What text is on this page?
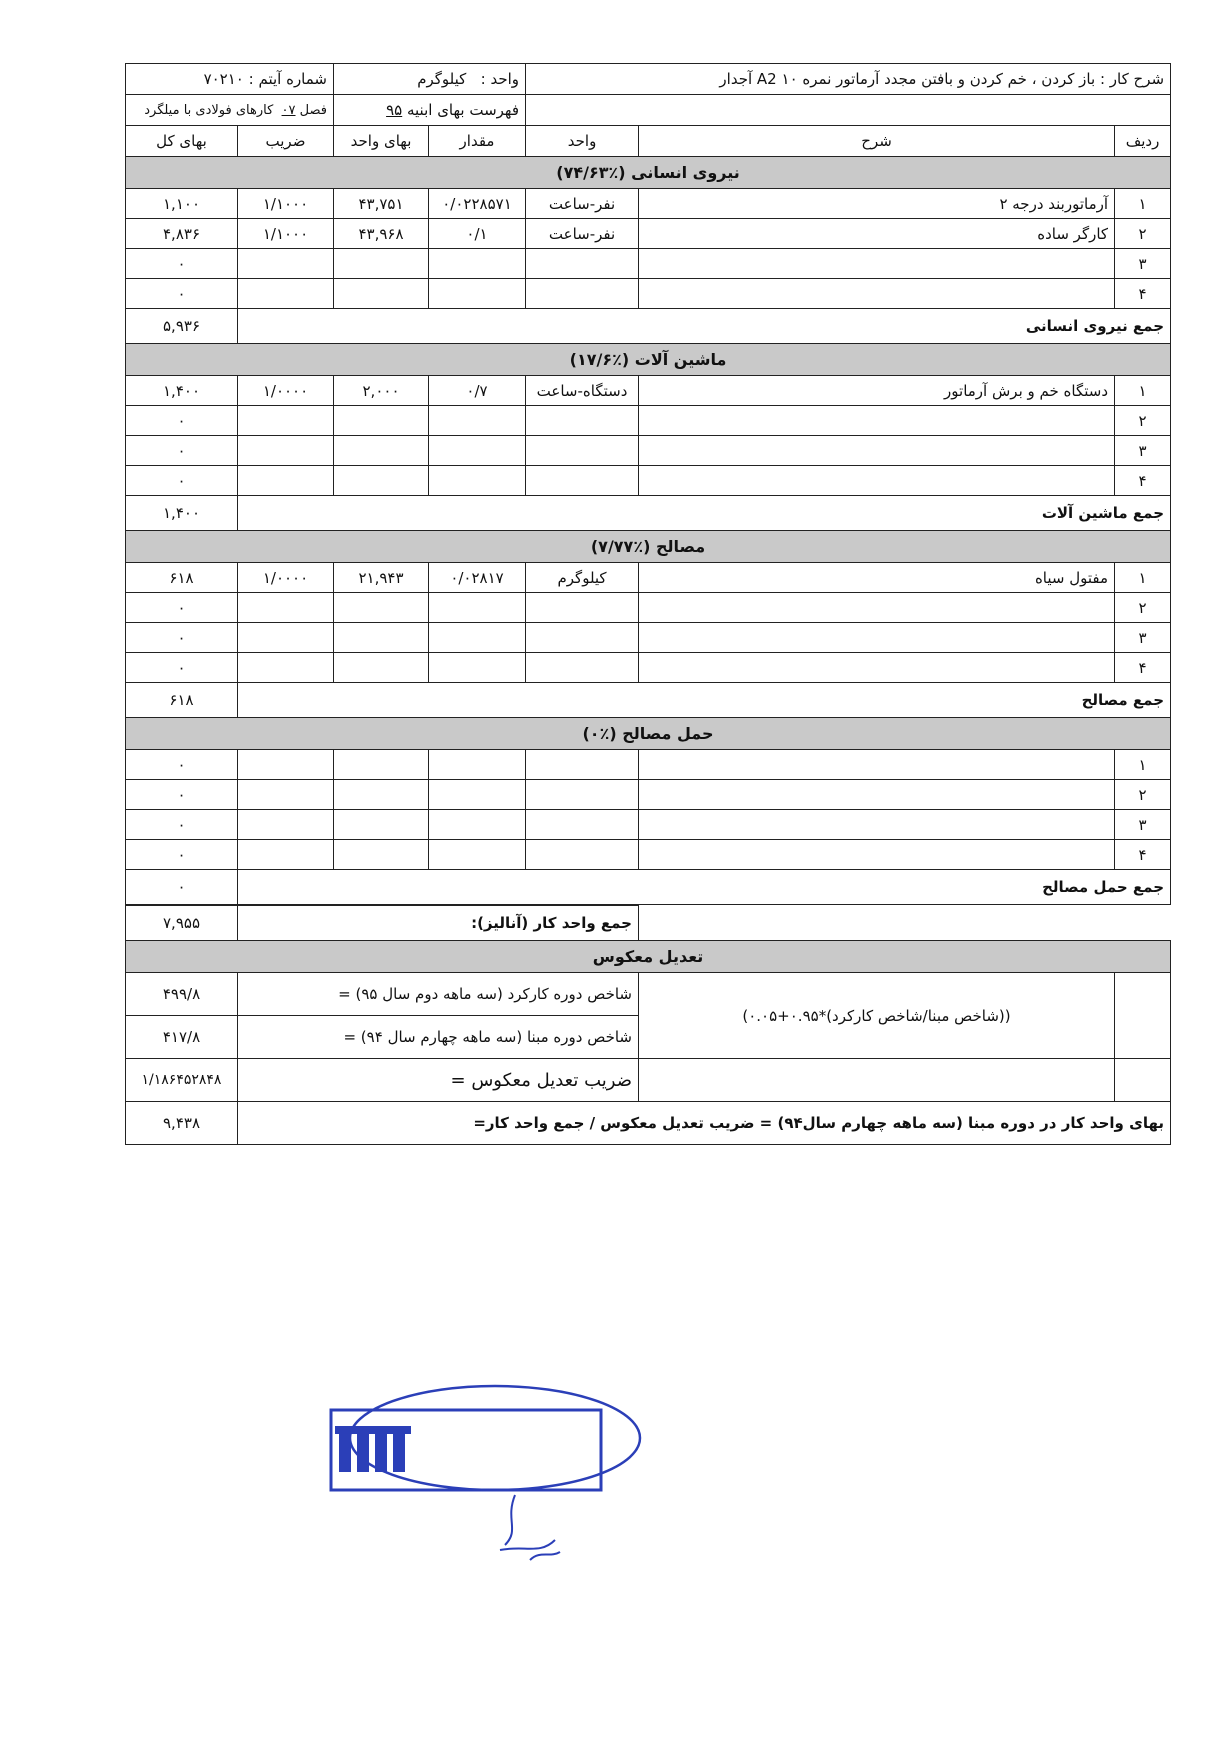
شرح کار : باز کردن ، خم کردن و بافتن مجدد آرماتور نمره ۱۰ A2 آجدار			واحد :   کیلوگرم		شماره آیتم : ۷۰۲۱۰	
			فهرست بهای ابنیه ۹۵		فصل ۰۷  کارهای فولادی با میلگرد	
ردیف	شرح	واحد	مقدار	بهای واحد	ضریب	بهای کل
نیروی انسانی (٪۷۴/۶۳)						
۱	آرماتوربند درجه ۲	نفر-ساعت	۰/۰۲۲۸۵۷۱	۴۳,۷۵۱	۱/۱۰۰۰	۱,۱۰۰
۲	کارگر ساده	نفر-ساعت	۰/۱	۴۳,۹۶۸	۱/۱۰۰۰	۴,۸۳۶
۳						۰
۴						۰
جمع نیروی انسانی						۵,۹۳۶
ماشین آلات (٪۱۷/۶)						
۱	دستگاه خم و برش آرماتور	دستگاه-ساعت	۰/۷	۲,۰۰۰	۱/۰۰۰۰	۱,۴۰۰
۲						۰
۳						۰
۴						۰
جمع ماشین آلات						۱,۴۰۰
مصالح (٪۷/۷۷)						
۱	مفتول سیاه	کیلوگرم	۰/۰۲۸۱۷	۲۱,۹۴۳	۱/۰۰۰۰	۶۱۸
۲						۰
۳						۰
۴						۰
جمع مصالح						۶۱۸
حمل مصالح (٪۰)						
۱						۰
۲						۰
۳						۰
۴						۰
جمع حمل مصالح						۰
		جمع واحد کار (آنالیز):	۷,۹۵۵
تعدیل معکوس			
	((شاخص مبنا/شاخص کارکرد)*۰.۹۵+۰.۰۵)	شاخص دوره کارکرد (سه ماهه دوم سال ۹۵) =	۴۹۹/۸
		شاخص دوره مبنا (سه ماهه چهارم سال ۹۴) =	۴۱۷/۸
		ضریب تعدیل معکوس =	۱/۱۸۶۴۵۲۸۴۸
بهای واحد کار در دوره مبنا (سه ماهه چهارم سال۹۴) = ضریب تعدیل معکوس / جمع واحد کار=			۹,۴۳۸
